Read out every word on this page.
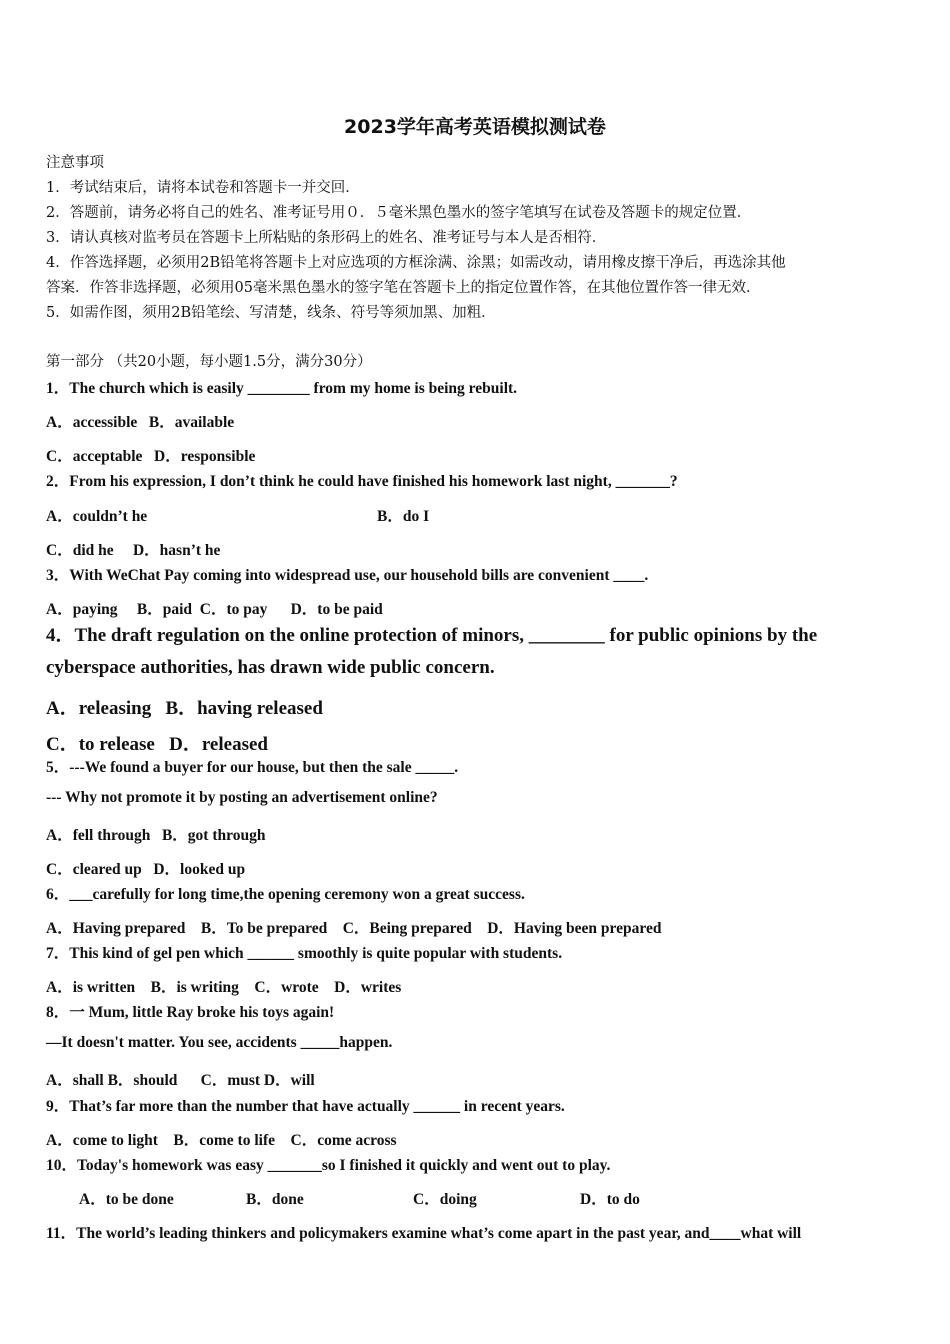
2023学年高考英语模拟测试卷
注意事项
1．考试结束后，请将本试卷和答题卡一并交回．
2．答题前，请务必将自己的姓名、准考证号用０．５毫米黑色墨水的签字笔填写在试卷及答题卡的规定位置．
3．请认真核对监考员在答题卡上所粘贴的条形码上的姓名、准考证号与本人是否相符．
4．作答选择题，必须用2B铅笔将答题卡上对应选项的方框涂满、涂黑；如需改动，请用橡皮擦干净后，再选涂其他
答案．作答非选择题，必须用05毫米黑色墨水的签字笔在答题卡上的指定位置作答，在其他位置作答一律无效．
5．如需作图，须用2B铅笔绘、写清楚，线条、符号等须加黑、加粗．
第一部分 （共20小题，每小题1.5分，满分30分）
1．The church which is easily ________ from my home is being rebuilt.
A．accessible   B．available
C．acceptable   D．responsible
2．From his expression, I don’t think he could have finished his homework last night, _______?
A．couldn’t he	B．do I
C．did he     D．hasn’t he
3．With WeChat Pay coming into widespread use, our household bills are convenient ____.
A．paying     B．paid  C．to pay      D．to be paid
4．The draft regulation on the online protection of minors, ________ for public opinions by the
cyberspace authorities, has drawn wide public concern.
A．releasing   B．having released
C．to release   D．released
5．---We found a buyer for our house, but then the sale _____.
--- Why not promote it by posting an advertisement online?
A．fell through   B．got through
C．cleared up   D．looked up
6．___carefully for long time,the opening ceremony won a great success.
A．Having prepared    B．To be prepared    C．Being prepared    D．Having been prepared
7．This kind of gel pen which ______ smoothly is quite popular with students.
A．is written    B．is writing    C．wrote    D．writes
8．一 Mum, little Ray broke his toys again!
—It doesn't matter. You see, accidents _____happen.
A．shall B．should      C．must D．will
9．That’s far more than the number that have actually ______ in recent years.
A．come to light    B．come to life    C．come across
10．Today's homework was easy _______so I finished it quickly and went out to play.
A．to be done	B．done	C．doing	D．to do
11．The world’s leading thinkers and policymakers examine what’s come apart in the past year, and____what will
